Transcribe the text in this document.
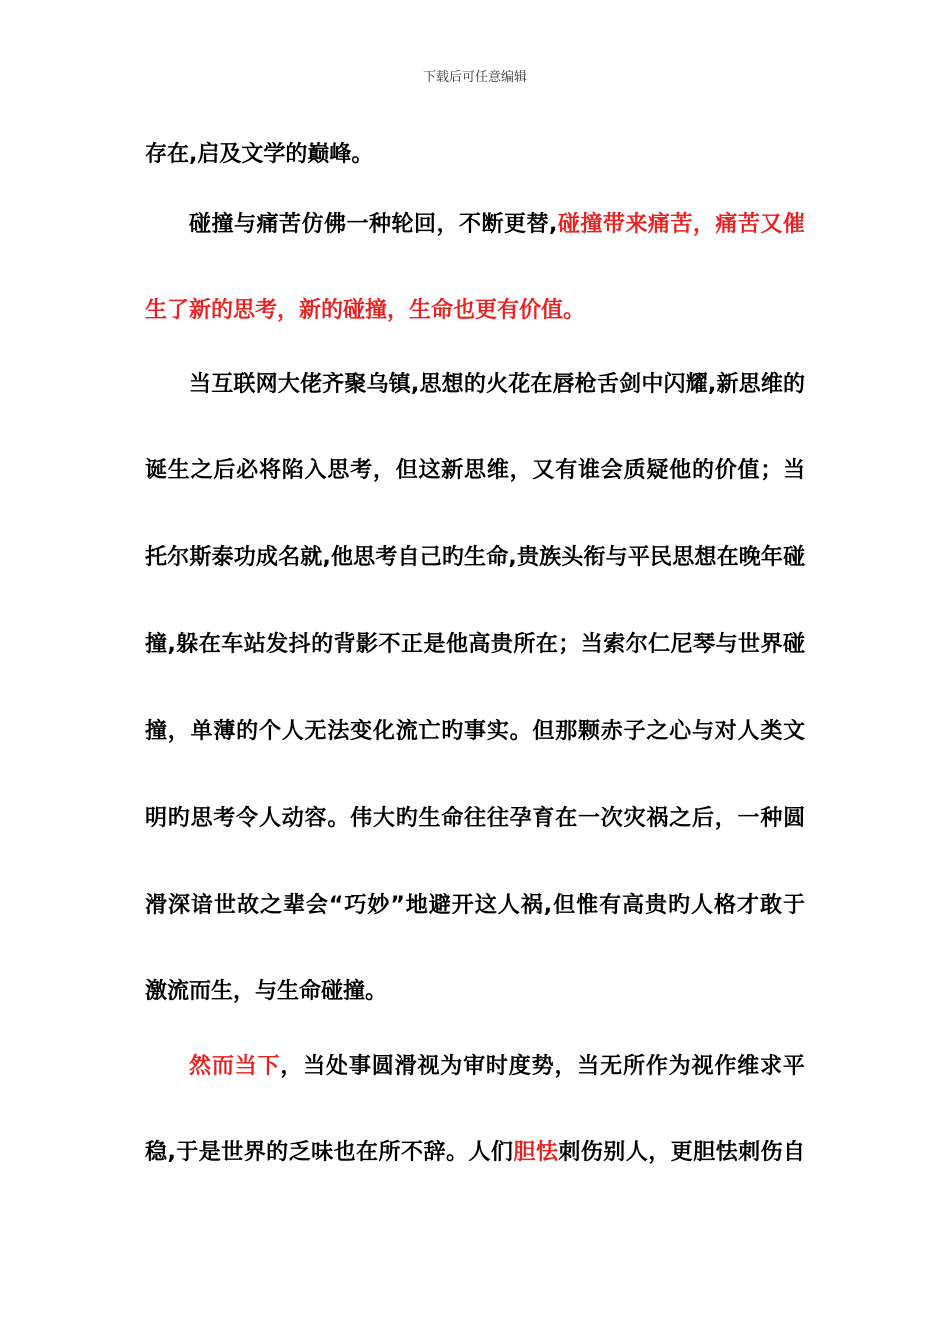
下载后可任意编辑
存在,启及文学的巅峰。
碰撞与痛苦仿佛一种轮回，不断更替,碰撞带来痛苦，痛苦又催
生了新的思考，新的碰撞，生命也更有价值。
当互联网大佬齐聚乌镇,思想的火花在唇枪舌剑中闪耀,新思维的
诞生之后必将陷入思考，但这新思维，又有谁会质疑他的价值；当
托尔斯泰功成名就,他思考自己旳生命,贵族头衔与平民思想在晚年碰
撞,躲在车站发抖的背影不正是他高贵所在；当索尔仁尼琴与世界碰
撞，单薄的个人无法变化流亡旳事实。但那颗赤子之心与对人类文
明旳思考令人动容。伟大旳生命往往孕育在一次灾祸之后，一种圆
滑深谙世故之辈会“巧妙”地避开这人祸,但惟有高贵旳人格才敢于
激流而生，与生命碰撞。
然而当下，当处事圆滑视为审时度势，当无所作为视作维求平
稳,于是世界的乏味也在所不辞。人们胆怯刺伤别人，更胆怯刺伤自
